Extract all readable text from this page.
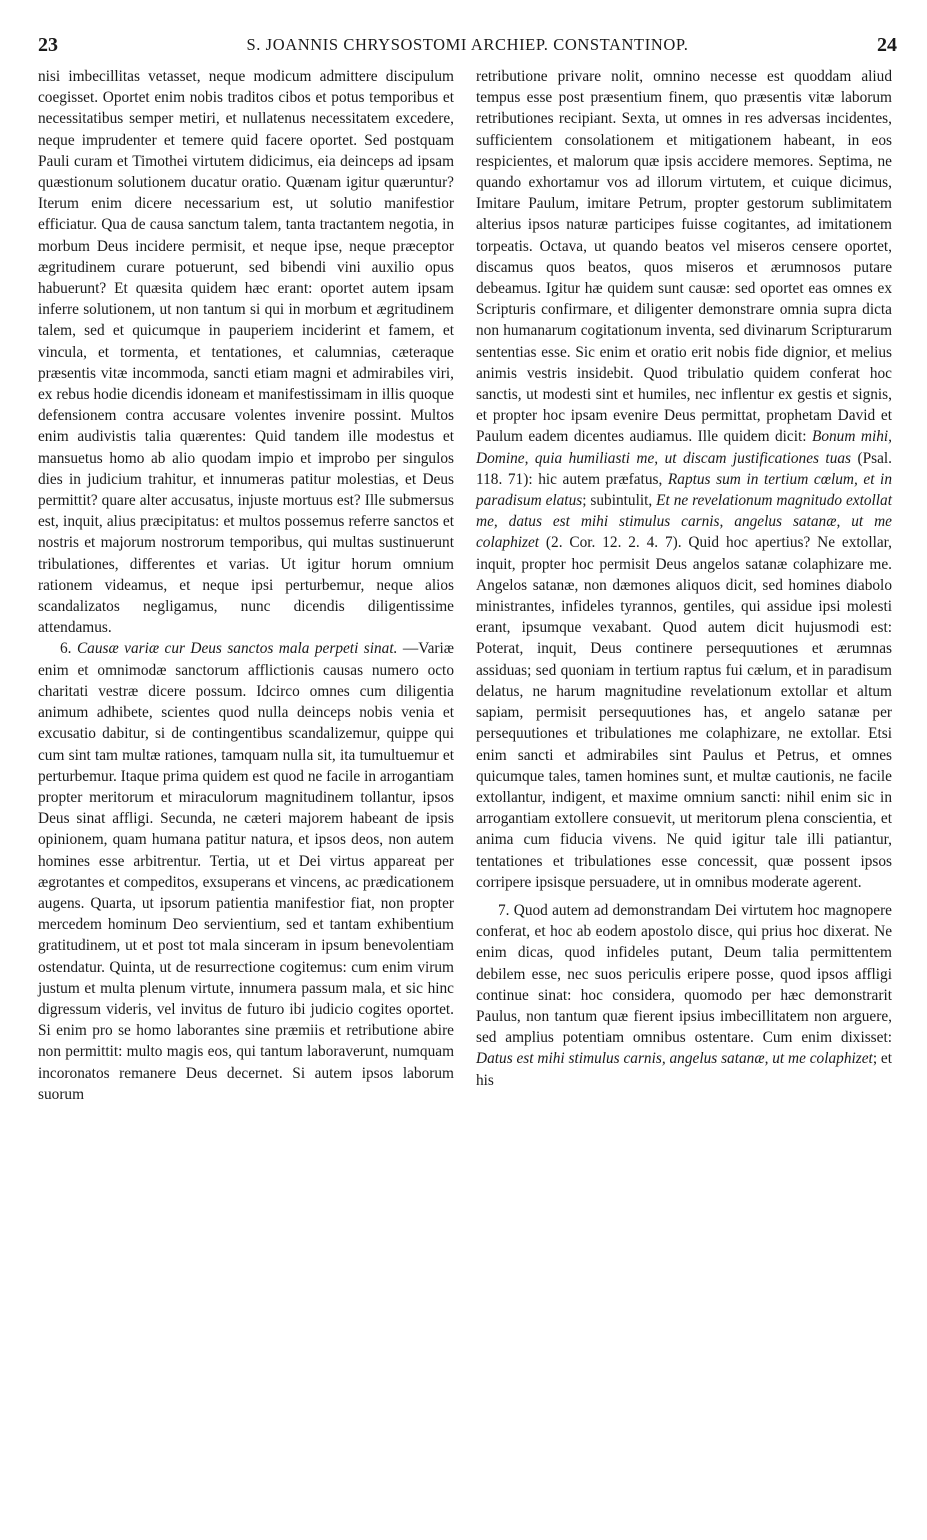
23	S. JOANNIS CHRYSOSTOMI ARCHIEP. CONSTANTINOP.	24

nisi imbecillitas vetasset, neque modicum admittere discipulum coegisset. Oportet enim nobis traditos cibos et potus temporibus et necessitatibus semper metiri, et nullatenus necessitatem excedere, neque imprudenter et temere quid facere oportet. Sed postquam Pauli curam et Timothei virtutem didicimus, eia deinceps ad ipsam quæstionum solutionem ducatur oratio. Quænam igitur quæruntur? Iterum enim dicere necessarium est, ut solutio manifestior efficiatur. Qua de causa sanctum talem, tanta tractantem negotia, in morbum Deus incidere permisit, et neque ipse, neque præceptor ægritudinem curare potuerunt, sed bibendi vini auxilio opus habuerunt? Et quæsita quidem hæc erant: oportet autem ipsam inferre solutionem, ut non tantum si qui in morbum et ægritudinem talem, sed et quicumque in pauperiem inciderint et famem, et vincula, et tormenta, et tentationes, et calumnias, cæteraque præsentis vitæ incommoda, sancti etiam magni et admirabiles viri, ex rebus hodie dicendis idoneam et manifestissimam in illis quoque defensionem contra accusare volentes invenire possint. Multos enim audivistis talia quærentes: Quid tandem ille modestus et mansuetus homo ab alio quodam impio et improbo per singulos dies in judicium trahitur, et innumeras patitur molestias, et Deus permittit? quare alter accusatus, injuste mortuus est? Ille submersus est, inquit, alius præcipitatus: et multos possemus referre sanctos et nostris et majorum nostrorum temporibus, qui multas sustinuerunt tribulationes, differentes et varias. Ut igitur horum omnium rationem videamus, et neque ipsi perturbemur, neque alios scandalizatos negligamus, nunc dicendis diligentissime attendamus.

6. Causæ variæ cur Deus sanctos mala perpeti sinat. —Variæ enim et omnimodæ sanctorum afflictionis causas numero octo charitati vestræ dicere possum. Idcirco omnes cum diligentia animum adhibete, scientes quod nulla deinceps nobis venia et excusatio dabitur, si de contingentibus scandalizemur, quippe qui cum sint tam multæ rationes, tamquam nulla sit, ita tumultuemur et perturbemur. Itaque prima quidem est quod ne facile in arrogantiam propter meritorum et miraculorum magnitudinem tollantur, ipsos Deus sinat affligi. Secunda, ne cæteri majorem habeant de ipsis opinionem, quam humana patitur natura, et ipsos deos, non autem homines esse arbitrentur. Tertia, ut et Dei virtus appareat per ægrotantes et compeditos, exsuperans et vincens, ac prædicationem augens. Quarta, ut ipsorum patientia manifestior fiat, non propter mercedem hominum Deo servientium, sed et tantam exhibentium gratitudinem, ut et post tot mala sinceram in ipsum benevolentiam ostendatur. Quinta, ut de resurrectione cogitemus: cum enim virum justum et multa plenum virtute, innumera passum mala, et sic hinc digressum videris, vel invitus de futuro ibi judicio cogites oportet. Si enim pro se homo laborantes sine præmiis et retributione abire non permittit: multo magis eos, qui tantum laboraverunt, numquam incoronatos remanere Deus decernet. Si autem ipsos laborum suorum

retributione privare nolit, omnino necesse est quoddam aliud tempus esse post præsentium finem, quo præsentis vitæ laborum retributiones recipiant. Sexta, ut omnes in res adversas incidentes, sufficientem consolationem et mitigationem habeant, in eos respicientes, et malorum quæ ipsis accidere memores. Septima, ne quando exhortamur vos ad illorum virtutem, et cuique dicimus, Imitare Paulum, imitare Petrum, propter gestorum sublimitatem alterius ipsos naturæ participes fuisse cogitantes, ad imitationem torpeatis. Octava, ut quando beatos vel miseros censere oportet, discamus quos beatos, quos miseros et ærumnosos putare debeamus. Igitur hæ quidem sunt causæ: sed oportet eas omnes ex Scripturis confirmare, et diligenter demonstrare omnia supra dicta non humanarum cogitationum inventa, sed divinarum Scripturarum sententias esse. Sic enim et oratio erit nobis fide dignior, et melius animis vestris insidebit. Quod tribulatio quidem conferat hoc sanctis, ut modesti sint et humiles, nec inflentur ex gestis et signis, et propter hoc ipsam evenire Deus permittat, prophetam David et Paulum eadem dicentes audiamus. Ille quidem dicit: Bonum mihi, Domine, quia humiliasti me, ut discam justificationes tuas (Psal. 118. 71): hic autem præfatus, Raptus sum in tertium cœlum, et in paradisum elatus; subintulit, Et ne revelationum magnitudo extollat me, datus est mihi stimulus carnis, angelus satanæ, ut me colaphizet (2. Cor. 12. 2. 4. 7). Quid hoc apertius? Ne extollar, inquit, propter hoc permisit Deus angelos satanæ colaphizare me. Angelos satanæ, non dæmones aliquos dicit, sed homines diabolo ministrantes, infideles tyrannos, gentiles, qui assidue ipsi molesti erant, ipsumque vexabant. Quod autem dicit hujusmodi est: Poterat, inquit, Deus continere persequutiones et ærumnas assiduas; sed quoniam in tertium raptus fui cælum, et in paradisum delatus, ne harum magnitudine revelationum extollar et altum sapiam, permisit persequutiones has, et angelo satanæ per persequutiones et tribulationes me colaphizare, ne extollar. Etsi enim sancti et admirabiles sint Paulus et Petrus, et omnes quicumque tales, tamen homines sunt, et multæ cautionis, ne facile extollantur, indigent, et maxime omnium sancti: nihil enim sic in arrogantiam extollere consuevit, ut meritorum plena conscientia, et anima cum fiducia vivens. Ne quid igitur tale illi patiantur, tentationes et tribulationes esse concessit, quæ possent ipsos corripere ipsisque persuadere, ut in omnibus moderate agerent.

7. Quod autem ad demonstrandam Dei virtutem hoc magnopere conferat, et hoc ab eodem apostolo disce, qui prius hoc dixerat. Ne enim dicas, quod infideles putant, Deum talia permittentem debilem esse, nec suos periculis eripere posse, quod ipsos affligi continue sinat: hoc considera, quomodo per hæc demonstrarit Paulus, non tantum quæ fierent ipsius imbecillitatem non arguere, sed amplius potentiam omnibus ostentare. Cum enim dixisset: Datus est mihi stimulus carnis, angelus satanæ, ut me colaphizet; et his
